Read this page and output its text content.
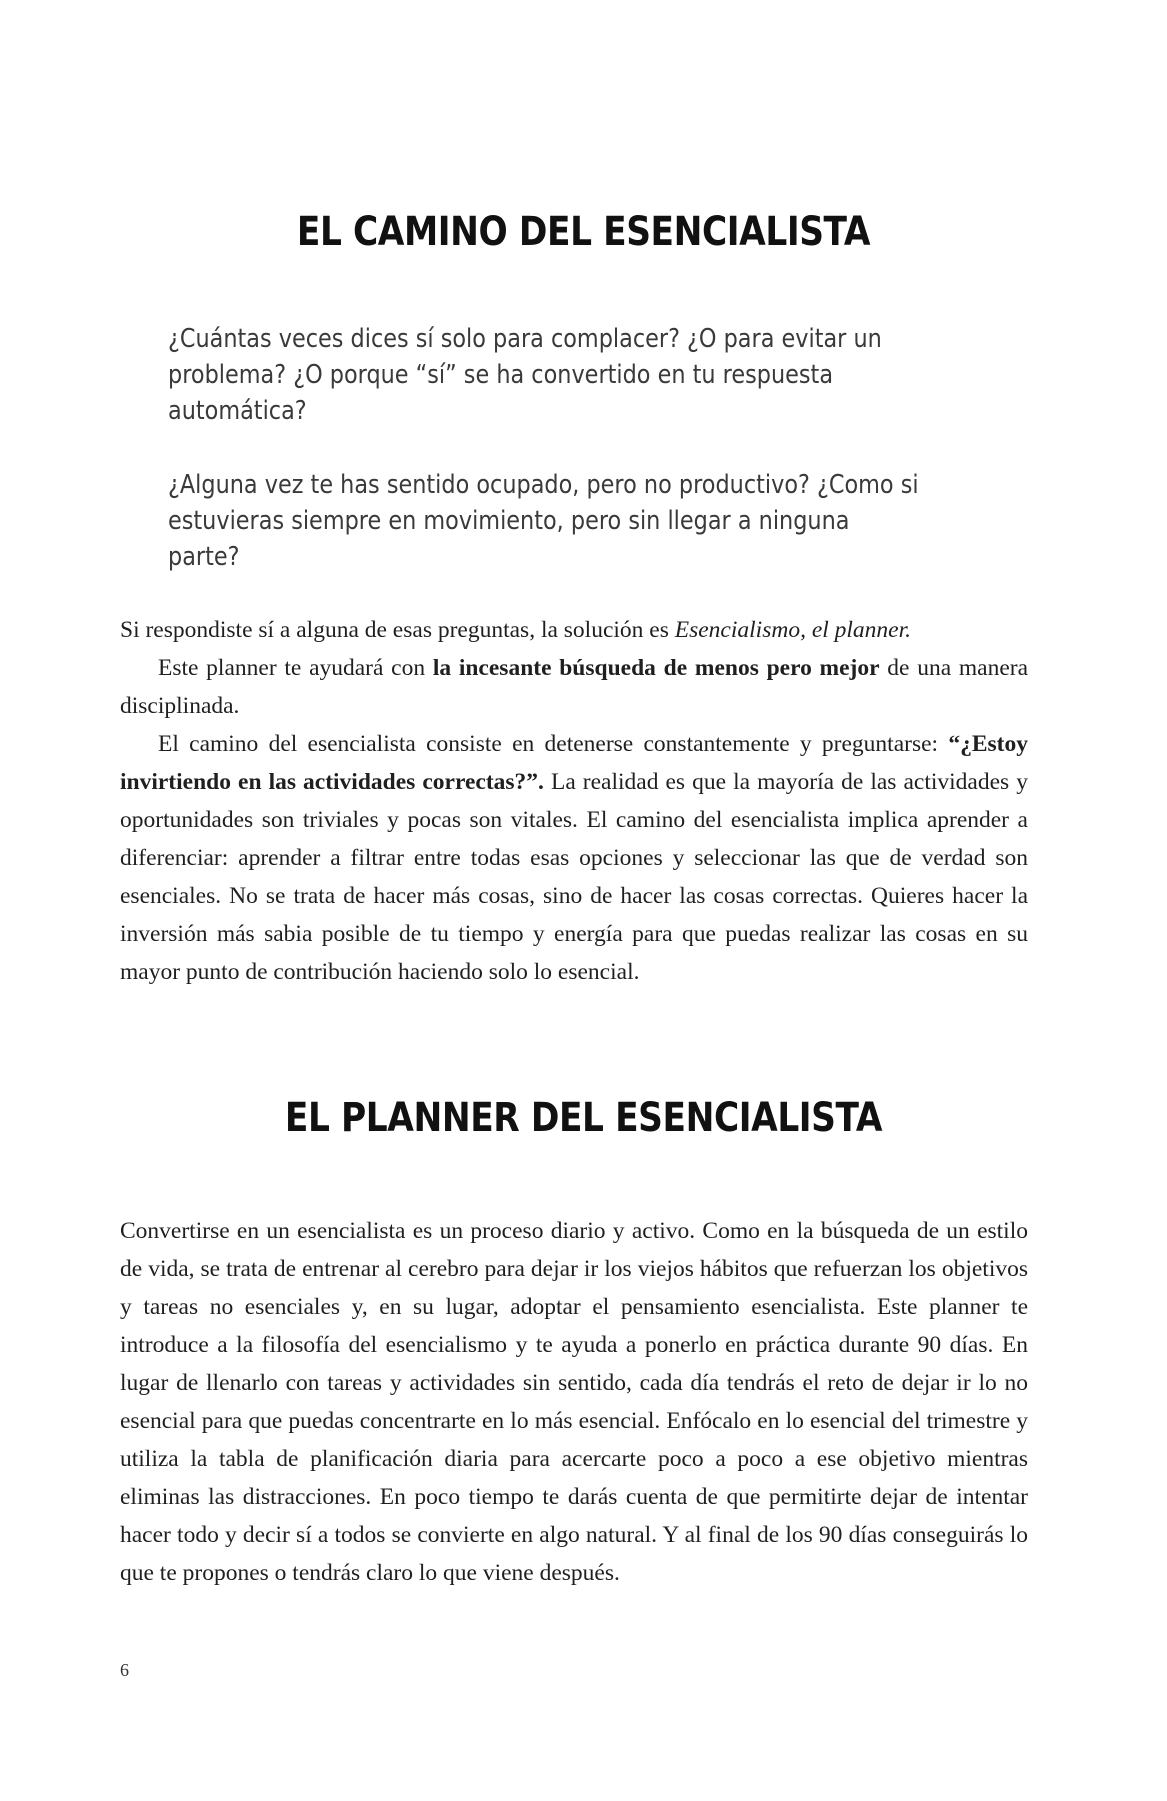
EL CAMINO DEL ESENCIALISTA

¿Cuántas veces dices sí solo para complacer? ¿O para evitar un problema? ¿O porque “sí” se ha convertido en tu respuesta automática?

¿Alguna vez te has sentido ocupado, pero no productivo? ¿Como si estuvieras siempre en movimiento, pero sin llegar a ninguna parte?

Si respondiste sí a alguna de esas preguntas, la solución es Esencialismo, el planner.

Este planner te ayudará con la incesante búsqueda de menos pero mejor de una manera disciplinada.

El camino del esencialista consiste en detenerse constantemente y preguntarse: “¿Estoy invirtiendo en las actividades correctas?”. La realidad es que la mayoría de las actividades y oportunidades son triviales y pocas son vitales. El camino del esencialista implica aprender a diferenciar: aprender a filtrar entre todas esas opciones y seleccionar las que de verdad son esenciales. No se trata de hacer más cosas, sino de hacer las cosas correctas. Quieres hacer la inversión más sabia posible de tu tiempo y energía para que puedas realizar las cosas en su mayor punto de contribución haciendo solo lo esencial.

EL PLANNER DEL ESENCIALISTA

Convertirse en un esencialista es un proceso diario y activo. Como en la búsqueda de un estilo de vida, se trata de entrenar al cerebro para dejar ir los viejos hábitos que refuerzan los objetivos y tareas no esenciales y, en su lugar, adoptar el pensamiento esencialista. Este planner te introduce a la filosofía del esencialismo y te ayuda a ponerlo en práctica durante 90 días. En lugar de llenarlo con tareas y actividades sin sentido, cada día tendrás el reto de dejar ir lo no esencial para que puedas concentrarte en lo más esencial. Enfócalo en lo esencial del trimestre y utiliza la tabla de planificación diaria para acercarte poco a poco a ese objetivo mientras eliminas las distracciones. En poco tiempo te darás cuenta de que permitirte dejar de intentar hacer todo y decir sí a todos se convierte en algo natural. Y al final de los 90 días conseguirás lo que te propones o tendrás claro lo que viene después.

6
